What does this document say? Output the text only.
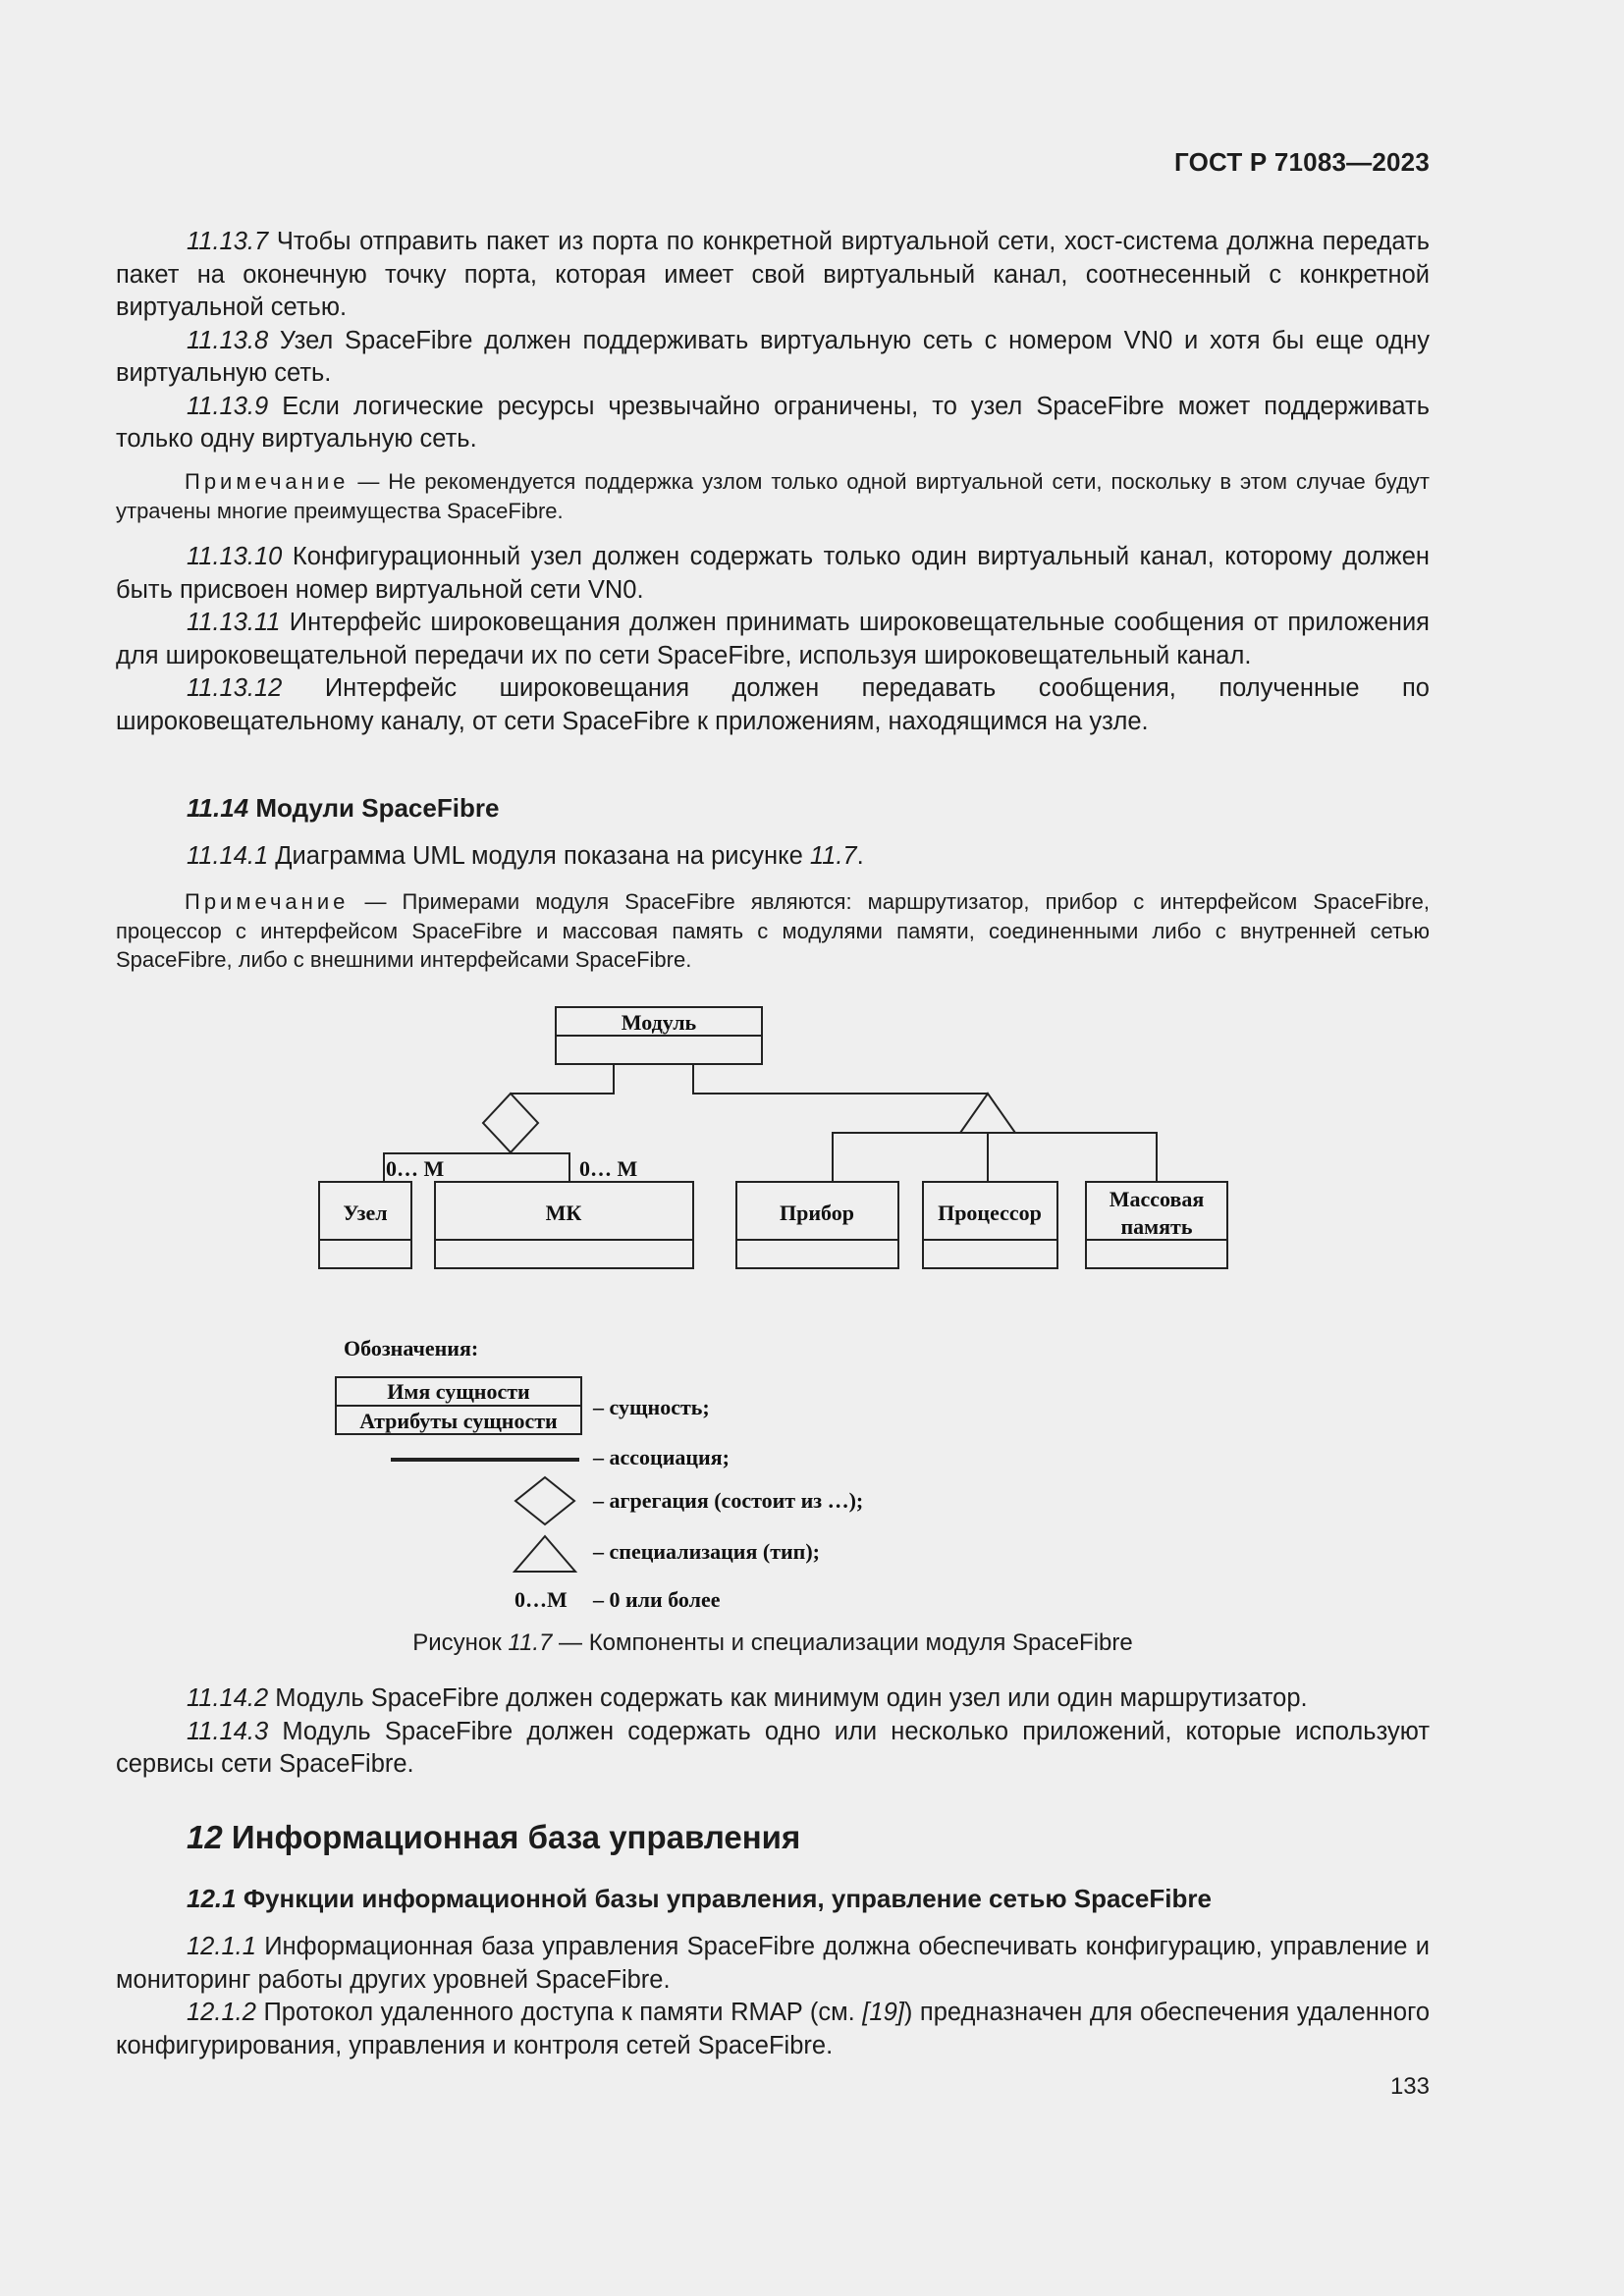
ГОСТ Р 71083—2023

11.13.7 Чтобы отправить пакет из порта по конкретной виртуальной сети, хост-система должна передать пакет на оконечную точку порта, которая имеет свой виртуальный канал, соотнесенный с конкретной виртуальной сетью.

11.13.8 Узел SpaceFibre должен поддерживать виртуальную сеть с номером VN0 и хотя бы еще одну виртуальную сеть.

11.13.9 Если логические ресурсы чрезвычайно ограничены, то узел SpaceFibre может поддерживать только одну виртуальную сеть.

Примечание — Не рекомендуется поддержка узлом только одной виртуальной сети, поскольку в этом случае будут утрачены многие преимущества SpaceFibre.

11.13.10 Конфигурационный узел должен содержать только один виртуальный канал, которому должен быть присвоен номер виртуальной сети VN0.

11.13.11 Интерфейс широковещания должен принимать широковещательные сообщения от приложения для широковещательной передачи их по сети SpaceFibre, используя широковещательный канал.

11.13.12 Интерфейс широковещания должен передавать сообщения, полученные по широковещательному каналу, от сети SpaceFibre к приложениям, находящимся на узле.

11.14 Модули SpaceFibre

11.14.1 Диаграмма UML модуля показана на рисунке 11.7.

Примечание — Примерами модуля SpaceFibre являются: маршрутизатор, прибор с интерфейсом SpaceFibre, процессор с интерфейсом SpaceFibre и массовая память с модулями памяти, соединенными либо с внутренней сетью SpaceFibre, либо с внешними интерфейсами SpaceFibre.

Модуль
0… M	0… M
Узел	МК	Прибор	Процессор
Массовая
память
Обозначения:
Имя сущности
Атрибуты сущности
– сущность;
– ассоциация;
– агрегация (состоит из …);
– специализация (тип);
0…M – 0 или более
Рисунок 11.7 — Компоненты и специализации модуля SpaceFibre

11.14.2 Модуль SpaceFibre должен содержать как минимум один узел или один маршрутизатор.

11.14.3 Модуль SpaceFibre должен содержать одно или несколько приложений, которые используют сервисы сети SpaceFibre.

12 Информационная база управления
12.1 Функции информационной базы управления, управление сетью SpaceFibre

12.1.1 Информационная база управления SpaceFibre должна обеспечивать конфигурацию, управление и мониторинг работы других уровней SpaceFibre.

12.1.2 Протокол удаленного доступа к памяти RMAP (см. [19]) предназначен для обеспечения удаленного конфигурирования, управления и контроля сетей SpaceFibre.

133
